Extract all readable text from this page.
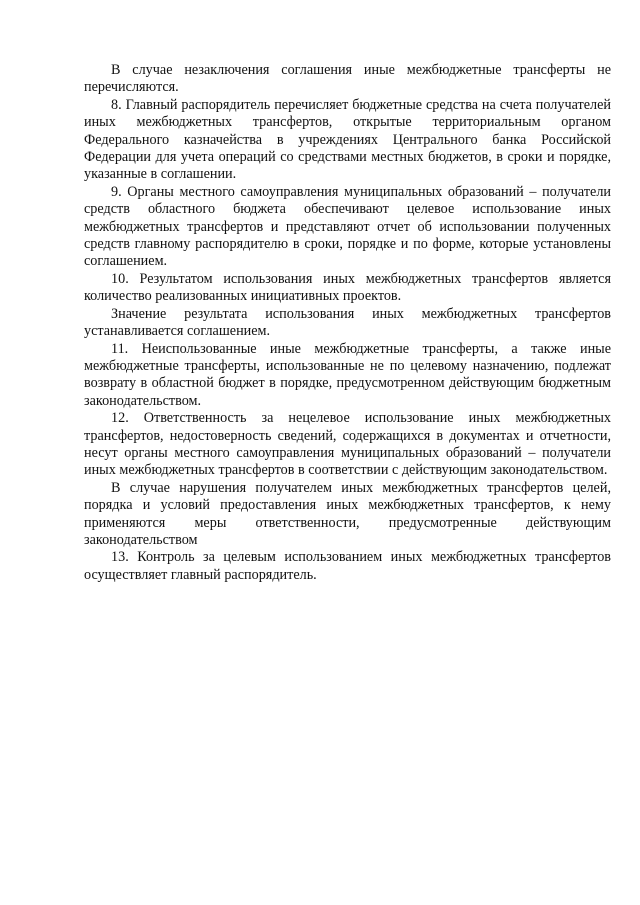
В случае незаключения соглашения иные межбюджетные трансферты не перечисляются.

8. Главный распорядитель перечисляет бюджетные средства на счета получателей иных межбюджетных трансфертов, открытые территориальным органом Федерального казначейства в учреждениях Центрального банка Российской Федерации для учета операций со средствами местных бюджетов, в сроки и порядке, указанные в соглашении.

9. Органы местного самоуправления муниципальных образований – получатели средств областного бюджета обеспечивают целевое использование иных межбюджетных трансфертов и представляют отчет об использовании полученных средств главному распорядителю в сроки, порядке и по форме, которые установлены соглашением.

10. Результатом использования иных межбюджетных трансфертов является количество реализованных инициативных проектов.

Значение результата использования иных межбюджетных трансфертов устанавливается соглашением.

11. Неиспользованные иные межбюджетные трансферты, а также иные межбюджетные трансферты, использованные не по целевому назначению, подлежат возврату в областной бюджет в порядке, предусмотренном действующим бюджетным законодательством.

12. Ответственность за нецелевое использование иных межбюджетных трансфертов, недостоверность сведений, содержащихся в документах и отчетности, несут органы местного самоуправления муниципальных образований – получатели иных межбюджетных трансфертов в соответствии с действующим законодательством.

В случае нарушения получателем иных межбюджетных трансфертов целей, порядка и условий предоставления иных межбюджетных трансфертов, к нему применяются меры ответственности, предусмотренные действующим законодательством

13. Контроль за целевым использованием иных межбюджетных трансфертов осуществляет главный распорядитель.
